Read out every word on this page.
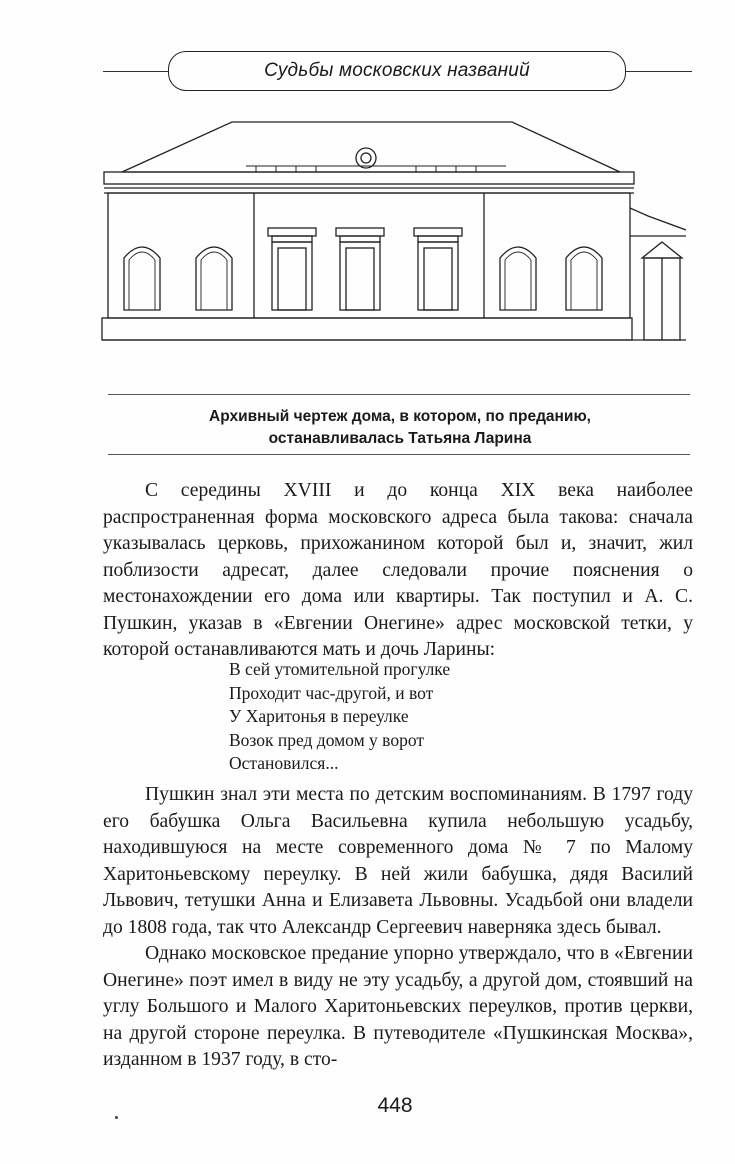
Судьбы московских названий
Архивный чертеж дома, в котором, по преданию,
останавливалась Татьяна Ларина

С середины XVIII и до конца XIX века наиболее распространенная форма московского адреса была такова: сначала указывалась церковь, прихожанином которой был и, значит, жил поблизости адресат, далее следовали прочие пояснения о местонахождении его дома или квартиры. Так поступил и А. С. Пушкин, указав в «Евгении Онегине» адрес московской тетки, у которой останавливаются мать и дочь Ларины:

В сей утомительной прогулке
Проходит час-другой, и вот
У Харитонья в переулке
Возок пред домом у ворот
Остановился...

Пушкин знал эти места по детским воспоминаниям. В 1797 году его бабушка Ольга Васильевна купила небольшую усадьбу, находившуюся на месте современного дома № 7 по Малому Харитоньевскому переулку. В ней жили бабушка, дядя Василий Львович, тетушки Анна и Елизавета Львовны. Усадьбой они владели до 1808 года, так что Александр Сергеевич наверняка здесь бывал.

Однако московское предание упорно утверждало, что в «Евгении Онегине» поэт имел в виду не эту усадьбу, а другой дом, стоявший на углу Большого и Малого Харитоньевских переулков, против церкви, на другой стороне переулка. В путеводителе «Пушкинская Москва», изданном в 1937 году, в сто-

448
